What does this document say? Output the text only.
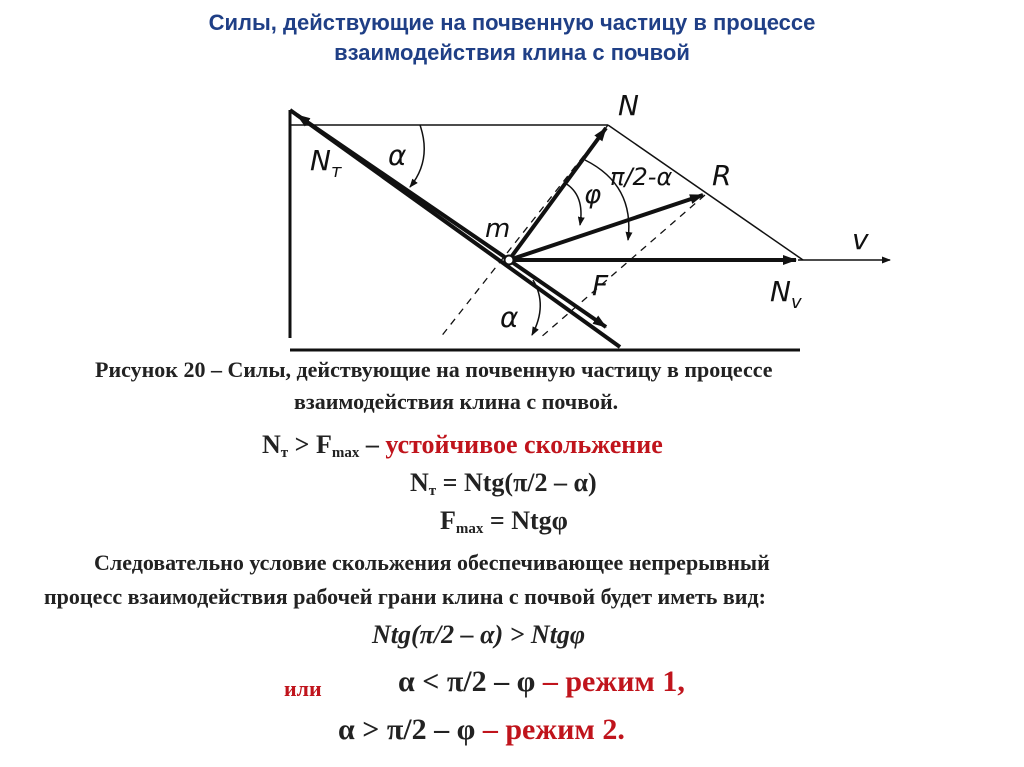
Силы, действующие на почвенную частицу в процессе
взаимодействия клина с почвой
N
$N_т$ α
m
φ
π/2-α R
v
F	$N_v$
α
Рисунок 20 – Силы, действующие на почвенную частицу в процессе
взаимодействия клина с почвой.
$N_т > F_{max}$ – устойчивое скольжение
$N_т = Ntg(\pi/2 - \alpha)$
$F_{max} = Ntg\varphi$
Следовательно условие скольжения обеспечивающее непрерывный
процесс взаимодействия рабочей грани клина с почвой будет иметь вид:
Ntg(π/2 – α) > Ntgφ
или	α < π/2 – φ – режим 1,
α > π/2 – φ – режим 2.
